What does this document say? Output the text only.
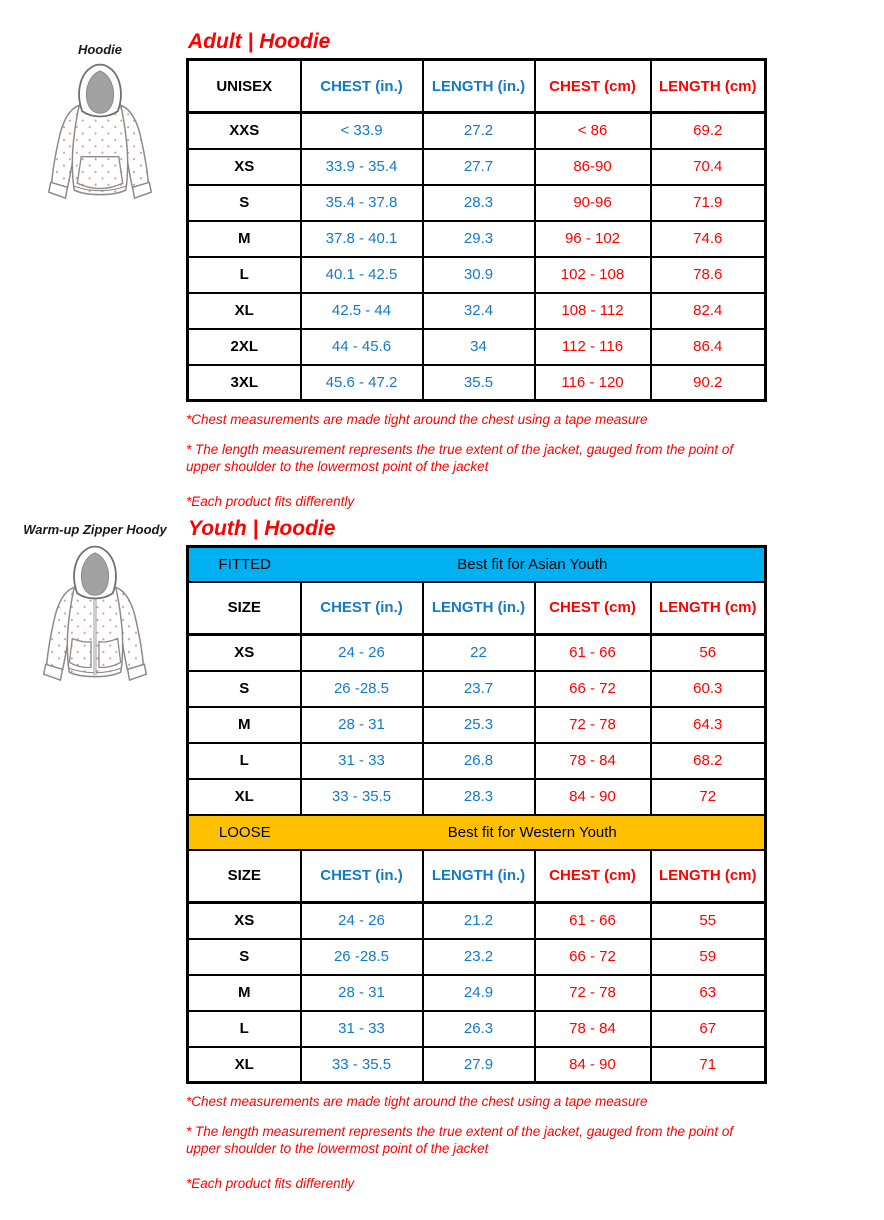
Hoodie
Warm-up Zipper Hoody
Adult | Hoodie
UNISEX	CHEST (in.)	LENGTH (in.)	CHEST (cm)	LENGTH (cm)
XXS	< 33.9	27.2	< 86	69.2
XS	33.9 - 35.4	27.7	86-90	70.4
S	35.4 - 37.8	28.3	90-96	71.9
M	37.8 - 40.1	29.3	96 - 102	74.6
L	40.1 - 42.5	30.9	102 - 108	78.6
XL	42.5 - 44	32.4	108 - 112	82.4
2XL	44 - 45.6	34	112 - 116	86.4
3XL	45.6 - 47.2	35.5	116 - 120	90.2

*Chest measurements are made tight around the chest using a tape measure

* The length measurement represents the true extent of the jacket, gauged from the point of upper shoulder to the lowermost point of the jacket

*Each product fits differently

Youth | Hoodie
FITTED	Best fit for Asian Youth			
SIZE	CHEST (in.)	LENGTH (in.)	CHEST (cm)	LENGTH (cm)
XS	24 - 26	22	61 - 66	56
S	26 -28.5	23.7	66 - 72	60.3
M	28 - 31	25.3	72 - 78	64.3
L	31 - 33	26.8	78 - 84	68.2
XL	33 - 35.5	28.3	84 - 90	72
LOOSE	Best fit for Western Youth			
SIZE	CHEST (in.)	LENGTH (in.)	CHEST (cm)	LENGTH (cm)
XS	24 - 26	21.2	61 - 66	55
S	26 -28.5	23.2	66 - 72	59
M	28 - 31	24.9	72 - 78	63
L	31 - 33	26.3	78 - 84	67
XL	33 - 35.5	27.9	84 - 90	71

*Chest measurements are made tight around the chest using a tape measure

* The length measurement represents the true extent of the jacket, gauged from the point of upper shoulder to the lowermost point of the jacket

*Each product fits differently
